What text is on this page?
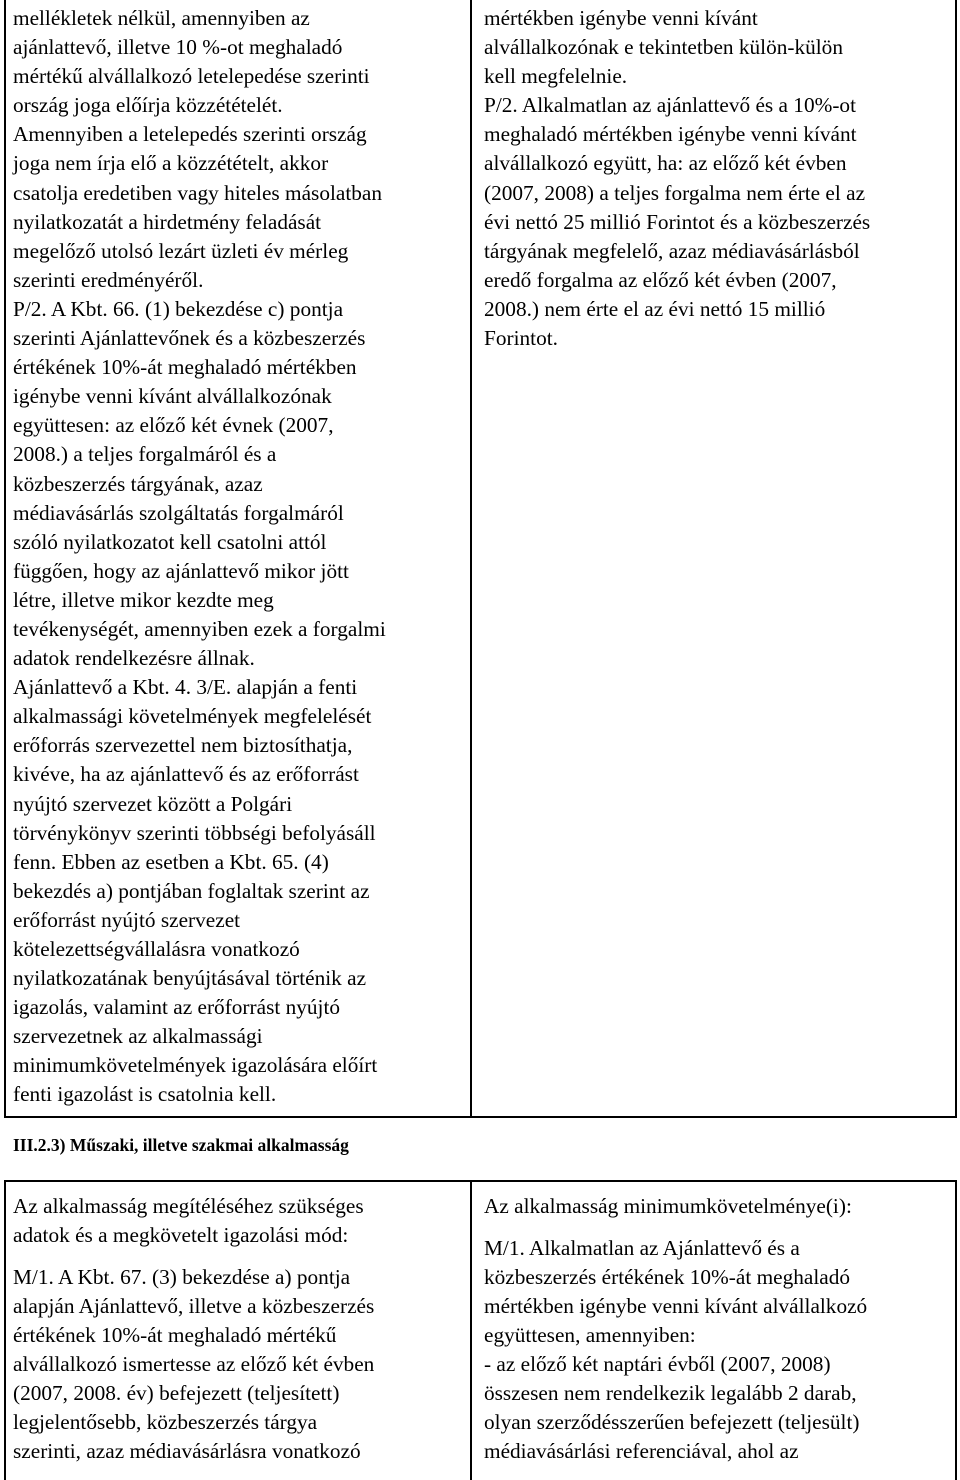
mellékletek nélkül, amennyiben az
ajánlattevő, illetve 10 %-ot meghaladó
mértékű alvállalkozó letelepedése szerinti
ország joga előírja közzétételét.
Amennyiben a letelepedés szerinti ország
joga nem írja elő a közzétételt, akkor
csatolja eredetiben vagy hiteles másolatban
nyilatkozatát a hirdetmény feladását
megelőző utolsó lezárt üzleti év mérleg
szerinti eredményéről.
P/2. A Kbt. 66. (1) bekezdése c) pontja
szerinti Ajánlattevőnek és a közbeszerzés
értékének 10%-át meghaladó mértékben
igénybe venni kívánt alvállalkozónak
együttesen: az előző két évnek (2007,
2008.) a teljes forgalmáról és a
közbeszerzés tárgyának, azaz
médiavásárlás szolgáltatás forgalmáról
szóló nyilatkozatot kell csatolni attól
függően, hogy az ajánlattevő mikor jött
létre, illetve mikor kezdte meg
tevékenységét, amennyiben ezek a forgalmi
adatok rendelkezésre állnak.
Ajánlattevő a Kbt. 4. 3/E. alapján a fenti
alkalmassági követelmények megfelelését
erőforrás szervezettel nem biztosíthatja,
kivéve, ha az ajánlattevő és az erőforrást
nyújtó szervezet között a Polgári
törvénykönyv szerinti többségi befolyásáll
fenn. Ebben az esetben a Kbt. 65. (4)
bekezdés a) pontjában foglaltak szerint az
erőforrást nyújtó szervezet
kötelezettségvállalásra vonatkozó
nyilatkozatának benyújtásával történik az
igazolás, valamint az erőforrást nyújtó
szervezetnek az alkalmassági
minimumkövetelmények igazolására előírt
fenti igazolást is csatolnia kell.
mértékben igénybe venni kívánt
alvállalkozónak e tekintetben külön-külön
kell megfelelnie.
P/2. Alkalmatlan az ajánlattevő és a 10%-ot
meghaladó mértékben igénybe venni kívánt
alvállalkozó együtt, ha: az előző két évben
(2007, 2008) a teljes forgalma nem érte el az
évi nettó 25 millió Forintot és a közbeszerzés
tárgyának megfelelő, azaz médiavásárlásból
eredő forgalma az előző két évben (2007,
2008.) nem érte el az évi nettó 15 millió
Forintot.
III.2.3) Műszaki, illetve szakmai alkalmasság
Az alkalmasság megítéléséhez szükséges
adatok és a megkövetelt igazolási mód:
M/1. A Kbt. 67. (3) bekezdése a) pontja
alapján Ajánlattevő, illetve a közbeszerzés
értékének 10%-át meghaladó mértékű
alvállalkozó ismertesse az előző két évben
(2007, 2008. év) befejezett (teljesített)
legjelentősebb, közbeszerzés tárgya
szerinti, azaz médiavásárlásra vonatkozó
Az alkalmasság minimumkövetelménye(i):
M/1. Alkalmatlan az Ajánlattevő és a
közbeszerzés értékének 10%-át meghaladó
mértékben igénybe venni kívánt alvállalkozó
együttesen, amennyiben:
- az előző két naptári évből (2007, 2008)
összesen nem rendelkezik legalább 2 darab,
olyan szerződésszerűen befejezett (teljesült)
médiavásárlási referenciával, ahol az
